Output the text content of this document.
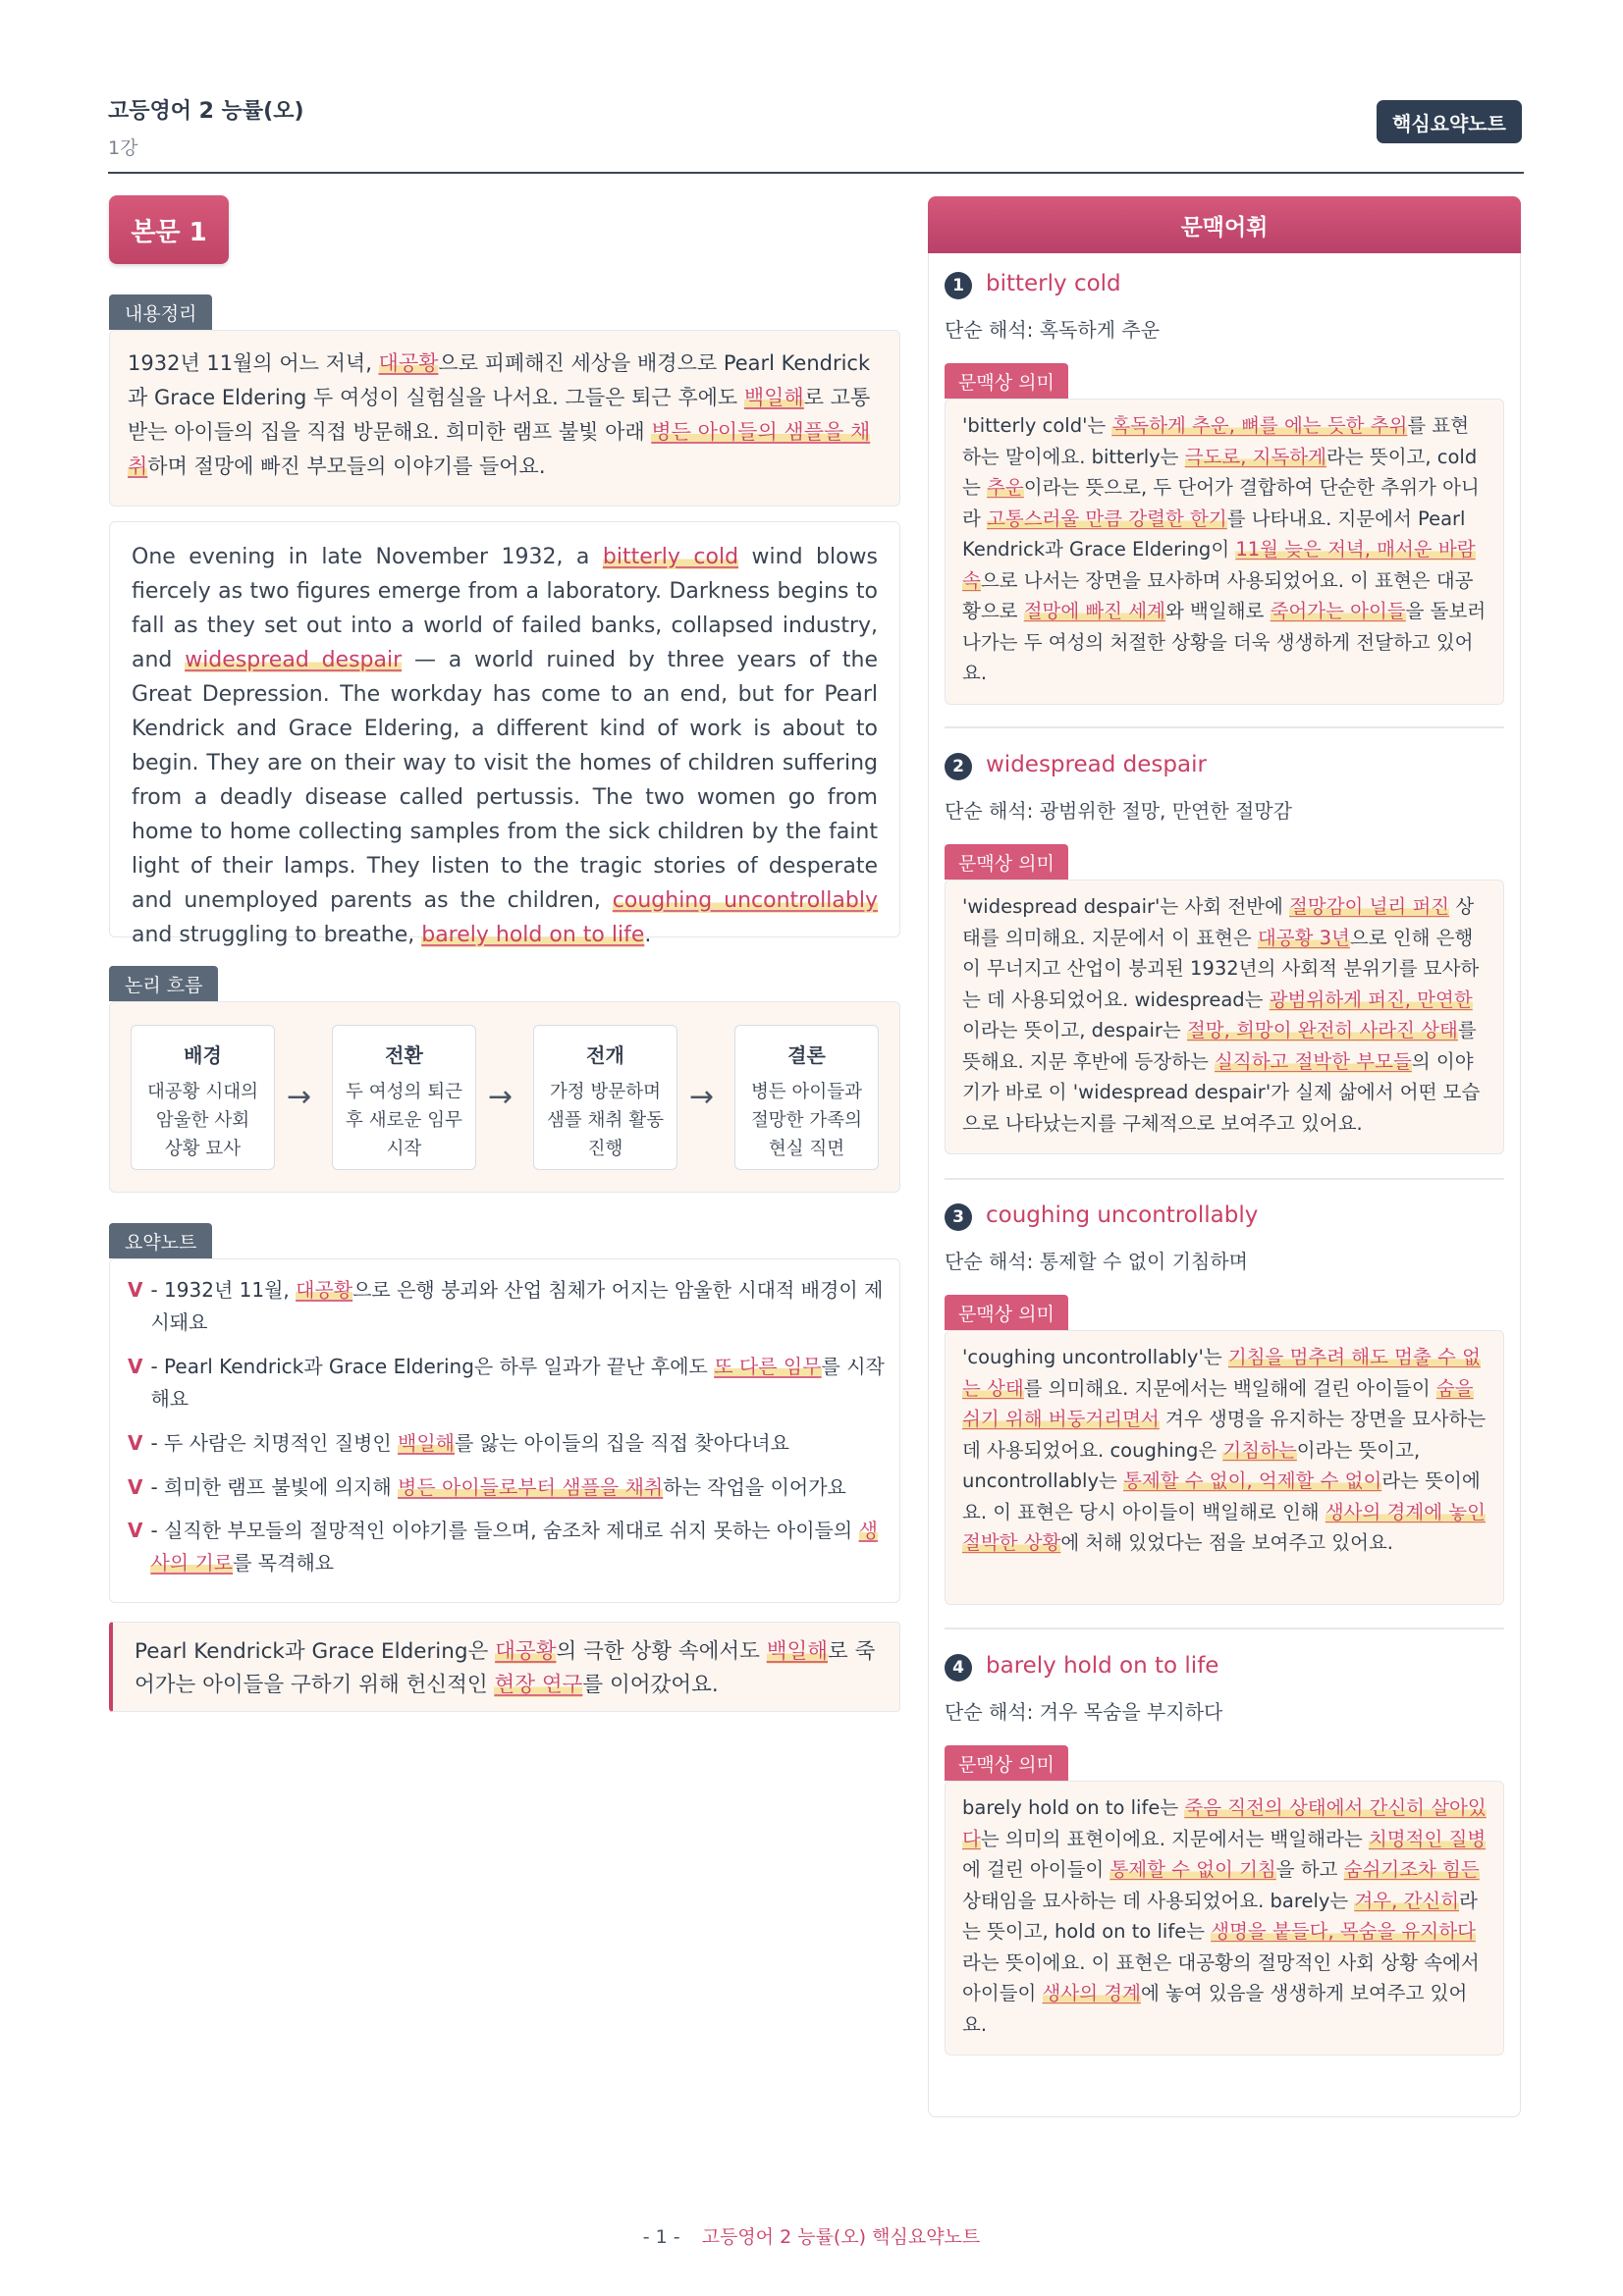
고등영어 2 능률(오)
1강
핵심요약노트
본문 1
내용정리
1932년 11월의 어느 저녁, 대공황으로 피폐해진 세상을 배경으로 Pearl Kendrick과 Grace Eldering 두 여성이 실험실을 나서요. 그들은 퇴근 후에도 백일해로 고통받는 아이들의 집을 직접 방문해요. 희미한 램프 불빛 아래 병든 아이들의 샘플을 채취하며 절망에 빠진 부모들의 이야기를 들어요.
One evening in late November 1932, a bitterly cold wind blows fiercely as two figures emerge from a laboratory. Darkness begins to fall as they set out into a world of failed banks, collapsed industry, and widespread despair — a world ruined by three years of the Great Depression. The workday has come to an end, but for Pearl Kendrick and Grace Eldering, a different kind of work is about to begin. They are on their way to visit the homes of children suffering from a deadly disease called pertussis. The two women go from home to home collecting samples from the sick children by the faint light of their lamps. They listen to the tragic stories of desperate and unemployed parents as the children, coughing uncontrollably and struggling to breathe, barely hold on to life.
논리 흐름
배경
대공황 시대의
암울한 사회
상황 묘사
→
전환
두 여성의 퇴근
후 새로운 임무
시작
→
전개
가정 방문하며
샘플 채취 활동
진행
→
결론
병든 아이들과
절망한 가족의
현실 직면
요약노트
V - 1932년 11월, 대공황으로 은행 붕괴와 산업 침체가 어지는 암울한 시대적 배경이 제시돼요
V - Pearl Kendrick과 Grace Eldering은 하루 일과가 끝난 후에도 또 다른 임무를 시작해요
V - 두 사람은 치명적인 질병인 백일해를 앓는 아이들의 집을 직접 찾아다녀요
V - 희미한 램프 불빛에 의지해 병든 아이들로부터 샘플을 채취하는 작업을 이어가요
V - 실직한 부모들의 절망적인 이야기를 들으며, 숨조차 제대로 쉬지 못하는 아이들의 생사의 기로를 목격해요
Pearl Kendrick과 Grace Eldering은 대공황의 극한 상황 속에서도 백일해로 죽어가는 아이들을 구하기 위해 헌신적인 현장 연구를 이어갔어요.
문맥어휘
1 bitterly cold
단순 해석: 혹독하게 추운
문맥상 의미
'bitterly cold'는 혹독하게 추운, 뼈를 에는 듯한 추위를 표현하는 말이에요. bitterly는 극도로, 지독하게라는 뜻이고, cold는 추운이라는 뜻으로, 두 단어가 결합하여 단순한 추위가 아니라 고통스러울 만큼 강렬한 한기를 나타내요. 지문에서 Pearl Kendrick과 Grace Eldering이 11월 늦은 저녁, 매서운 바람 속으로 나서는 장면을 묘사하며 사용되었어요. 이 표현은 대공황으로 절망에 빠진 세계와 백일해로 죽어가는 아이들을 돌보러 나가는 두 여성의 처절한 상황을 더욱 생생하게 전달하고 있어요.
2 widespread despair
단순 해석: 광범위한 절망, 만연한 절망감
문맥상 의미
'widespread despair'는 사회 전반에 절망감이 널리 퍼진 상태를 의미해요. 지문에서 이 표현은 대공황 3년으로 인해 은행이 무너지고 산업이 붕괴된 1932년의 사회적 분위기를 묘사하는 데 사용되었어요. widespread는 광범위하게 퍼진, 만연한이라는 뜻이고, despair는 절망, 희망이 완전히 사라진 상태를 뜻해요. 지문 후반에 등장하는 실직하고 절박한 부모들의 이야기가 바로 이 'widespread despair'가 실제 삶에서 어떤 모습으로 나타났는지를 구체적으로 보여주고 있어요.
3 coughing uncontrollably
단순 해석: 통제할 수 없이 기침하며
문맥상 의미
'coughing uncontrollably'는 기침을 멈추려 해도 멈출 수 없는 상태를 의미해요. 지문에서는 백일해에 걸린 아이들이 숨을 쉬기 위해 버둥거리면서 겨우 생명을 유지하는 장면을 묘사하는 데 사용되었어요. coughing은 기침하는이라는 뜻이고, uncontrollably는 통제할 수 없이, 억제할 수 없이라는 뜻이에요. 이 표현은 당시 아이들이 백일해로 인해 생사의 경계에 놓인 절박한 상황에 처해 있었다는 점을 보여주고 있어요.
4 barely hold on to life
단순 해석: 겨우 목숨을 부지하다
문맥상 의미
barely hold on to life는 죽음 직전의 상태에서 간신히 살아있다는 의미의 표현이에요. 지문에서는 백일해라는 치명적인 질병에 걸린 아이들이 통제할 수 없이 기침을 하고 숨쉬기조차 힘든 상태임을 묘사하는 데 사용되었어요. barely는 겨우, 간신히라는 뜻이고, hold on to life는 생명을 붙들다, 목숨을 유지하다라는 뜻이에요. 이 표현은 대공황의 절망적인 사회 상황 속에서 아이들이 생사의 경계에 놓여 있음을 생생하게 보여주고 있어요.
- 1 - 고등영어 2 능률(오) 핵심요약노트
